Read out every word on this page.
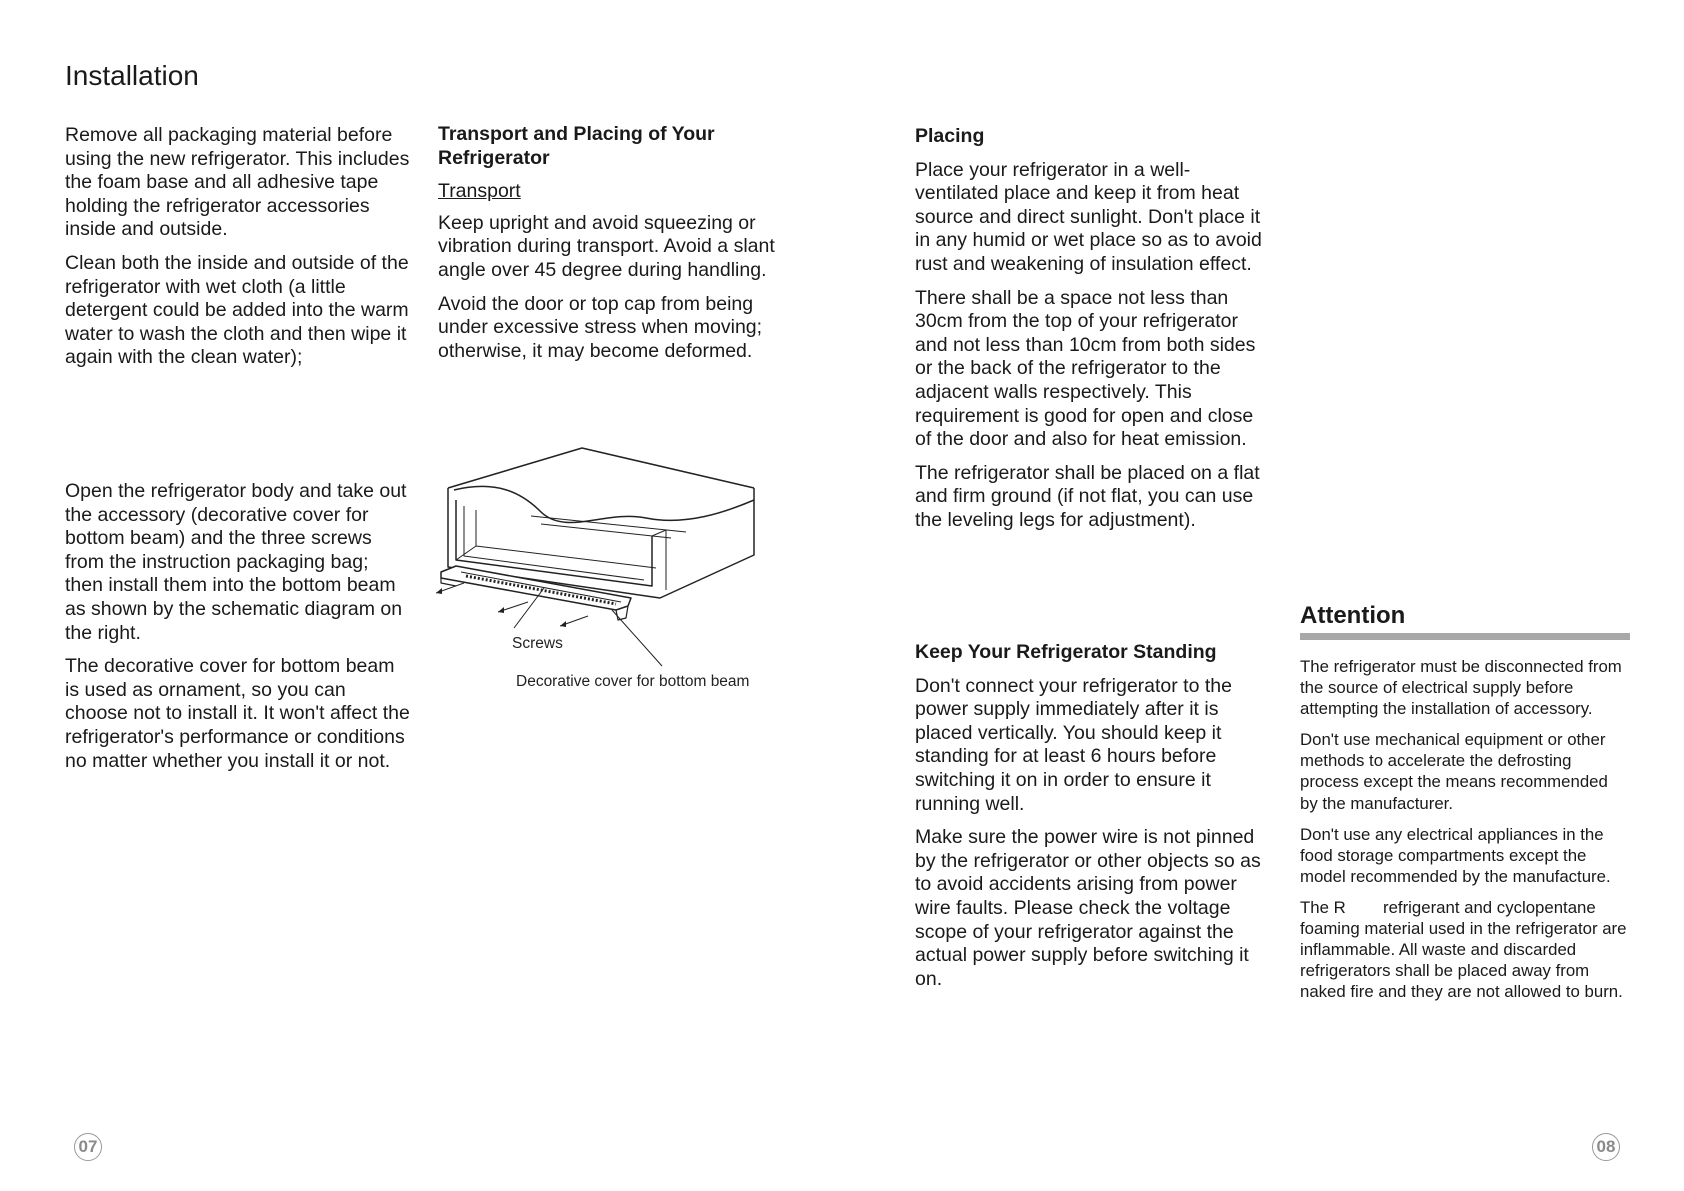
Installation

Remove all packaging material before using the new refrigerator. This includes the foam base and all adhesive tape holding the refrigerator accessories inside and outside.

Clean both the inside and outside of the refrigerator with wet cloth (a little detergent could be added into the warm water to wash the cloth and then wipe it again with the clean water);

Open the refrigerator body and take out the accessory (decorative cover for bottom beam) and the three screws from the instruction packaging bag; then install them into the bottom beam as shown by the schematic diagram on the right.

The decorative cover for bottom beam is used as ornament, so you can choose not to install it. It won't affect the refrigerator's performance or conditions no matter whether you install it or not.

Transport and Placing of Your Refrigerator

Transport

Keep upright and avoid squeezing or vibration during transport. Avoid a slant angle over 45 degree during handling.

Avoid the door or top cap from being under excessive stress when moving; otherwise, it may become deformed.

Screws
Decorative cover for bottom beam
Placing

Place your refrigerator in a well-ventilated place and keep it from heat source and direct sunlight. Don't place it in any humid or wet place so as to avoid rust and weakening of insulation effect.

There shall be a space not less than 30cm from the top of your refrigerator and not less than 10cm from both sides or the back of the refrigerator to the adjacent walls respectively. This requirement is good for open and close of the door and also for heat emission.

The refrigerator shall be placed on a flat and firm ground (if not flat, you can use the leveling legs for adjustment).

Keep Your Refrigerator Standing

Don't connect your refrigerator to the power supply immediately after it is placed vertically. You should keep it standing for at least 6 hours before switching it on in order to ensure it running well.

Make sure the power wire is not pinned by the refrigerator or other objects so as to avoid accidents arising from power wire faults. Please check the voltage scope of your refrigerator against the actual power supply before switching it on.

Attention

The refrigerator must be disconnected from the source of electrical supply before attempting the installation of accessory.

Don't use mechanical equipment or other methods to accelerate the defrosting process except the means recommended by the manufacturer.

Don't use any electrical appliances in the food storage compartments except the model recommended by the manufacture.

The R        refrigerant and cyclopentane foaming material used in the refrigerator are inflammable. All waste and discarded refrigerators shall be placed away from naked fire and they are not allowed to burn.

07	08
